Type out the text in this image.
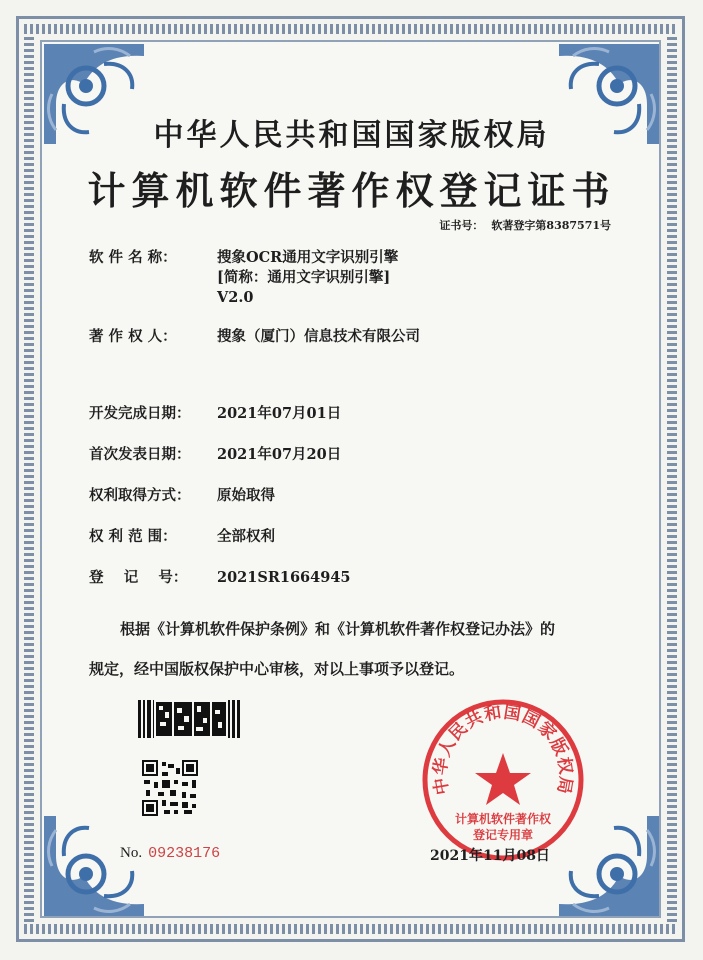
中华人民共和国国家版权局
计算机软件著作权登记证书
证书号： 软著登字第8387571号
软 件 名 称：	搜象OCR通用文字识别引擎
[简称：通用文字识别引擎]
V2.0
著 作 权 人：	搜象（厦门）信息技术有限公司
开发完成日期： 2021年07月01日
首次发表日期： 2021年07月20日
权利取得方式： 原始取得
权 利 范 围：	全部权利
登    记    号： 2021SR1664945
根据《计算机软件保护条例》和《计算机软件著作权登记办法》的
规定，经中国版权保护中心审核，对以上事项予以登记。
No. 09238176
中华人民共和国国家版权局
计算机软件著作权
登记专用章
2021年11月08日
